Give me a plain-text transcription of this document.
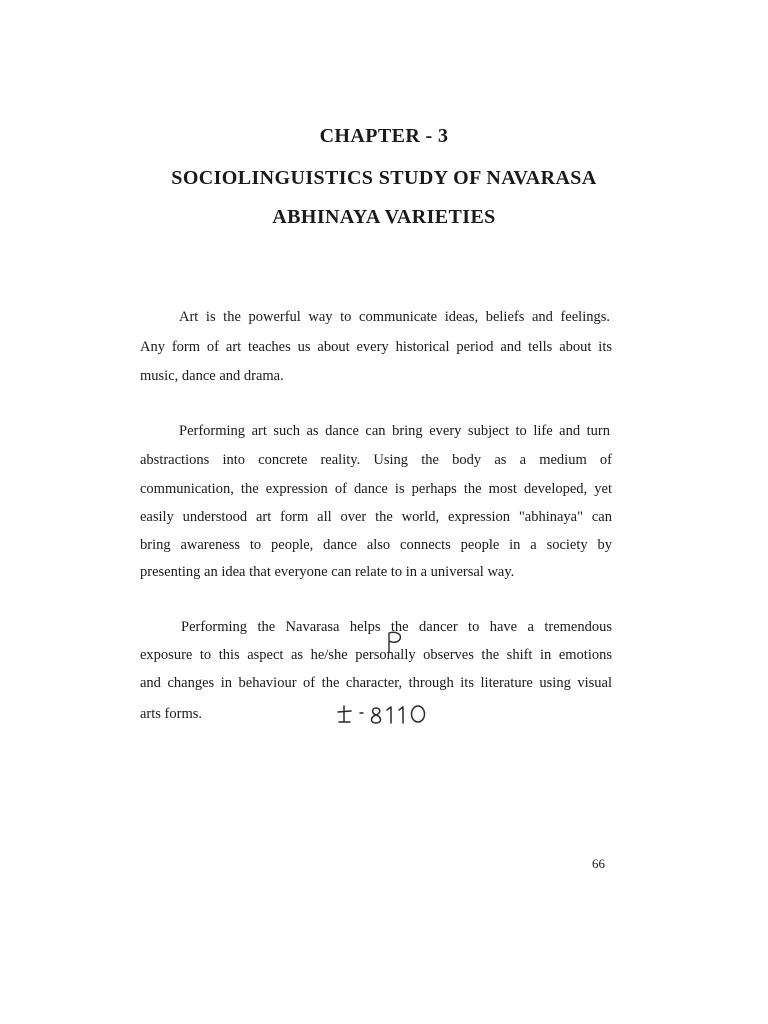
CHAPTER - 3
SOCIOLINGUISTICS STUDY OF NAVARASA
ABHINAYA VARIETIES
Art is the powerful way to communicate ideas, beliefs and feelings.
Any form of art teaches us about every historical period and tells about its
music, dance and drama.
Performing art such as dance can bring every subject to life and turn
abstractions into concrete reality. Using the body as a medium of
communication, the expression of dance is perhaps the most developed, yet
easily understood art form all over the world, expression "abhinaya" can
bring awareness to people, dance also connects people in a society by
presenting an idea that everyone can relate to in a universal way.
Performing the Navarasa helps the dancer to have a tremendous
exposure to this aspect as he/she personally observes the shift in emotions
and changes in behaviour of the character, through its literature using visual
arts forms.
66
